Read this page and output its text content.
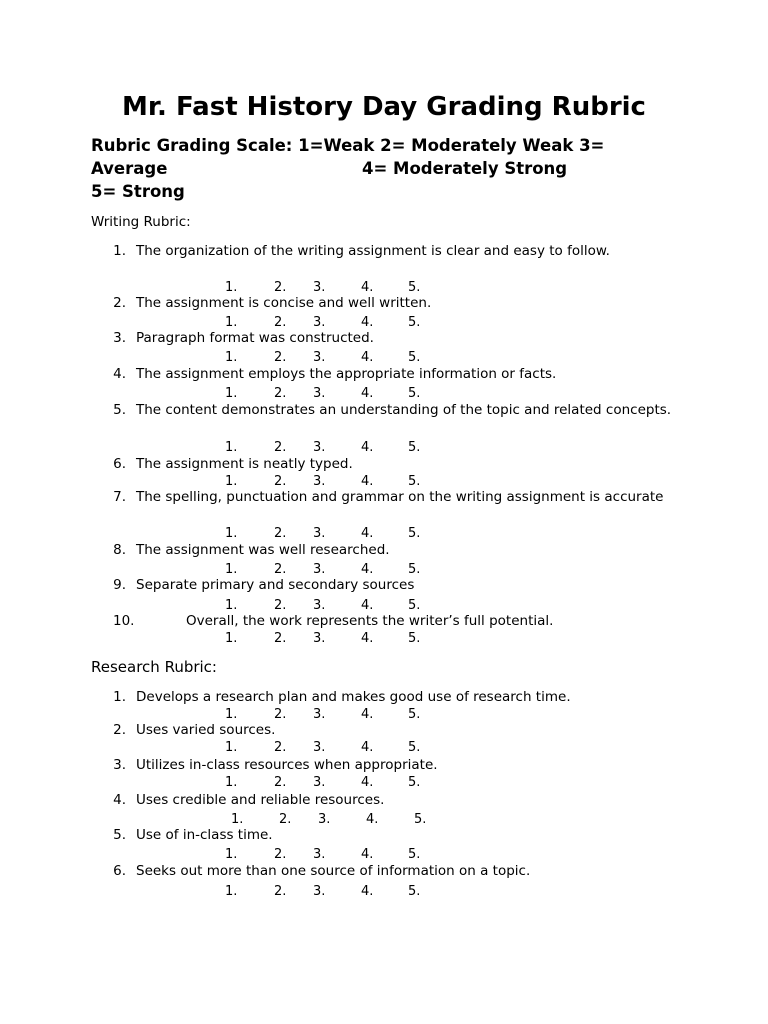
Mr. Fast History Day Grading Rubric
Rubric Grading Scale: 1=Weak 2= Moderately Weak 3=
Average	4= Moderately Strong
5= Strong
Writing Rubric:
1. The organization of the writing assignment is clear and easy to follow.
1.	2. 3.	4.	5.
2. The assignment is concise and well written.
1.	2. 3.	4.	5.
3. Paragraph format was constructed.
1.	2. 3.	4.	5.
4. The assignment employs the appropriate information or facts.
1.	2. 3.	4.	5.
5. The content demonstrates an understanding of the topic and related concepts.
1.	2. 3.	4.	5.
6. The assignment is neatly typed.
1.	2. 3.	4.	5.
7. The spelling, punctuation and grammar on the writing assignment is accurate
1.	2. 3.	4.	5.
8. The assignment was well researched.
1.	2. 3.	4.	5.
9. Separate primary and secondary sources
1.	2. 3.	4.	5.
10.	Overall, the work represents the writer’s full potential.
1.	2. 3.	4.	5.
Research Rubric:
1. Develops a research plan and makes good use of research time.
1.	2. 3.	4.	5.
2. Uses varied sources.
1.	2. 3.	4.	5.
3. Utilizes in-class resources when appropriate.
1.	2. 3.	4.	5.
4. Uses credible and reliable resources.
1.	2. 3.	4.	5.
5. Use of in-class time.
1.	2. 3.	4.	5.
6. Seeks out more than one source of information on a topic.
1.	2. 3.	4.	5.
